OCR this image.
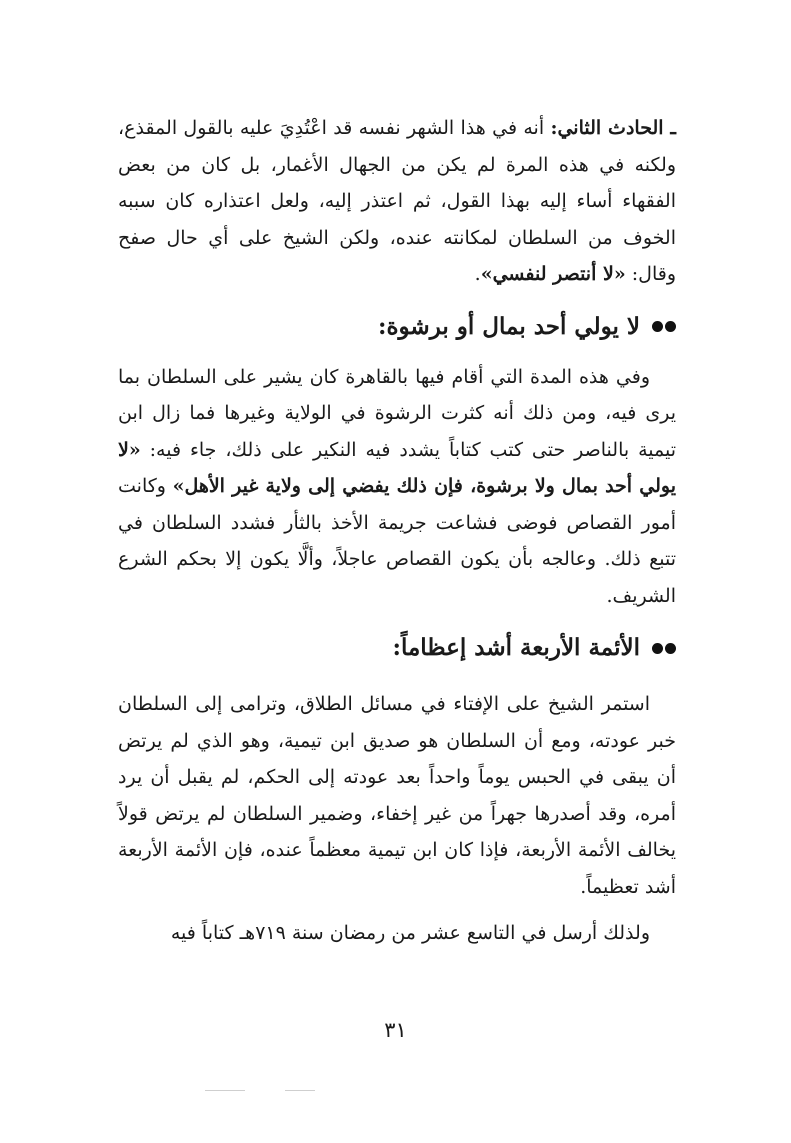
ـ الحادث الثاني: أنه في هذا الشهر نفسه قد اعْتُدِيَ عليه بالقول المقذع، ولكنه في هذه المرة لم يكن من الجهال الأغمار، بل كان من بعض الفقهاء أساء إليه بهذا القول، ثم اعتذر إليه، ولعل اعتذاره كان سببه الخوف من السلطان لمكانته عنده، ولكن الشيخ على أي حال صفح وقال: «لا أنتصر لنفسي».

لا يولي أحد بمال أو برشوة:

وفي هذه المدة التي أقام فيها بالقاهرة كان يشير على السلطان بما يرى فيه، ومن ذلك أنه كثرت الرشوة في الولاية وغيرها فما زال ابن تيمية بالناصر حتى كتب كتاباً يشدد فيه النكير على ذلك، جاء فيه: «لا يولي أحد بمال ولا برشوة، فإن ذلك يفضي إلى ولاية غير الأهل» وكانت أمور القصاص فوضى فشاعت جريمة الأخذ بالثأر فشدد السلطان في تتبع ذلك. وعالجه بأن يكون القصاص عاجلاً، وألَّا يكون إلا بحكم الشرع الشريف.

الأئمة الأربعة أشد إعظاماً:

استمر الشيخ على الإفتاء في مسائل الطلاق، وترامى إلى السلطان خبر عودته، ومع أن السلطان هو صديق ابن تيمية، وهو الذي لم يرتض أن يبقى في الحبس يوماً واحداً بعد عودته إلى الحكم، لم يقبل أن يرد أمره، وقد أصدرها جهراً من غير إخفاء، وضمير السلطان لم يرتض قولاً يخالف الأئمة الأربعة، فإذا كان ابن تيمية معظماً عنده، فإن الأئمة الأربعة أشد تعظيماً.

ولذلك أرسل في التاسع عشر من رمضان سنة ٧١٩هـ كتاباً فيه

٣١
